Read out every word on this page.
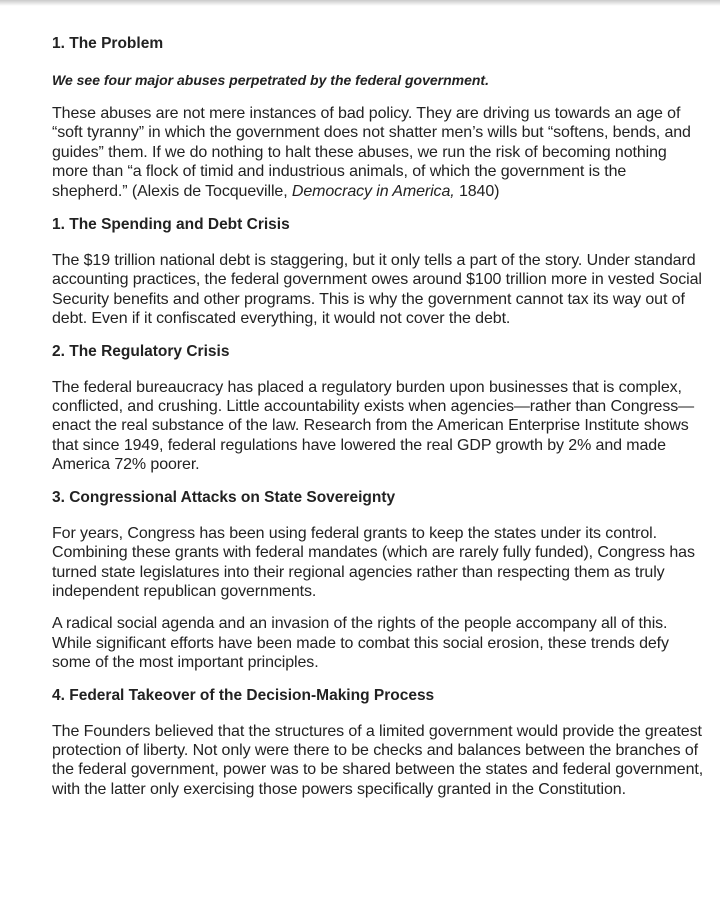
1. The Problem
We see four major abuses perpetrated by the federal government.

These abuses are not mere instances of bad policy. They are driving us towards an age of “soft tyranny” in which the government does not shatter men’s wills but “softens, bends, and guides” them. If we do nothing to halt these abuses, we run the risk of becoming nothing more than “a flock of timid and industrious animals, of which the government is the shepherd.” (Alexis de Tocqueville, Democracy in America, 1840)

1. The Spending and Debt Crisis

The $19 trillion national debt is staggering, but it only tells a part of the story. Under standard accounting practices, the federal government owes around $100 trillion more in vested Social Security benefits and other programs. This is why the government cannot tax its way out of debt. Even if it confiscated everything, it would not cover the debt.

2. The Regulatory Crisis

The federal bureaucracy has placed a regulatory burden upon businesses that is complex, conflicted, and crushing. Little accountability exists when agencies—rather than Congress—enact the real substance of the law. Research from the American Enterprise Institute shows that since 1949, federal regulations have lowered the real GDP growth by 2% and made America 72% poorer.

3. Congressional Attacks on State Sovereignty

For years, Congress has been using federal grants to keep the states under its control. Combining these grants with federal mandates (which are rarely fully funded), Congress has turned state legislatures into their regional agencies rather than respecting them as truly independent republican governments.

A radical social agenda and an invasion of the rights of the people accompany all of this. While significant efforts have been made to combat this social erosion, these trends defy some of the most important principles.

4. Federal Takeover of the Decision-Making Process

The Founders believed that the structures of a limited government would provide the greatest protection of liberty. Not only were there to be checks and balances between the branches of the federal government, power was to be shared between the states and federal government, with the latter only exercising those powers specifically granted in the Constitution.
